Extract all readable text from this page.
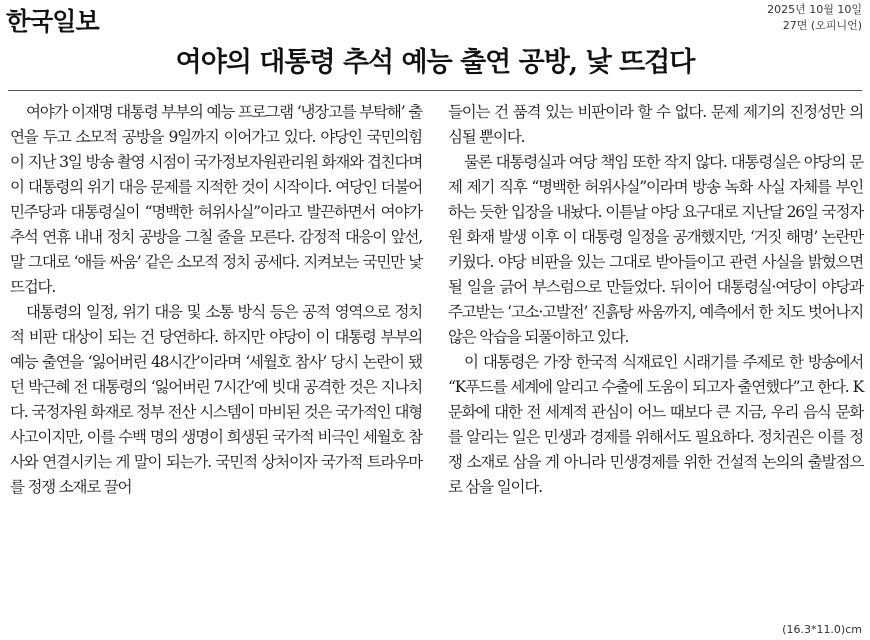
한국일보	2025년 10월 10일
27면 (오피니언)
여야의 대통령 추석 예능 출연 공방, 낯 뜨겁다

여야가 이재명 대통령 부부의 예능 프로그램 ‘냉장고를 부탁해’ 출연을 두고 소모적 공방을 9일까지 이어가고 있다. 야당인 국민의힘이 지난 3일 방송 촬영 시점이 국가정보자원관리원 화재와 겹친다며 이 대통령의 위기 대응 문제를 지적한 것이 시작이다. 여당인 더불어민주당과 대통령실이 “명백한 허위사실”이라고 발끈하면서 여야가 추석 연휴 내내 정치 공방을 그칠 줄을 모른다. 감정적 대응이 앞선, 말 그대로 ‘애들 싸움’ 같은 소모적 정치 공세다. 지켜보는 국민만 낯 뜨겁다.

대통령의 일정, 위기 대응 및 소통 방식 등은 공적 영역으로 정치적 비판 대상이 되는 건 당연하다. 하지만 야당이 이 대통령 부부의 예능 출연을 ‘잃어버린 48시간’이라며 ‘세월호 참사’ 당시 논란이 됐던 박근혜 전 대통령의 ‘잃어버린 7시간’에 빗대 공격한 것은 지나치다. 국정자원 화재로 정부 전산 시스템이 마비된 것은 국가적인 대형 사고이지만, 이를 수백 명의 생명이 희생된 국가적 비극인 세월호 참사와 연결시키는 게 말이 되는가. 국민적 상처이자 국가적 트라우마를 정쟁 소재로 끌어

들이는 건 품격 있는 비판이라 할 수 없다. 문제 제기의 진정성만 의심될 뿐이다.

물론 대통령실과 여당 책임 또한 작지 않다. 대통령실은 야당의 문제 제기 직후 “명백한 허위사실”이라며 방송 녹화 사실 자체를 부인하는 듯한 입장을 내놨다. 이튿날 야당 요구대로 지난달 26일 국정자원 화재 발생 이후 이 대통령 일정을 공개했지만, ‘거짓 해명’ 논란만 키웠다. 야당 비판을 있는 그대로 받아들이고 관련 사실을 밝혔으면 될 일을 긁어 부스럼으로 만들었다. 뒤이어 대통령실·여당이 야당과 주고받는 ‘고소·고발전’ 진흙탕 싸움까지, 예측에서 한 치도 벗어나지 않은 악습을 되풀이하고 있다.

이 대통령은 가장 한국적 식재료인 시래기를 주제로 한 방송에서 “K푸드를 세계에 알리고 수출에 도움이 되고자 출연했다”고 한다. K문화에 대한 전 세계적 관심이 어느 때보다 큰 지금, 우리 음식 문화를 알리는 일은 민생과 경제를 위해서도 필요하다. 정치권은 이를 정쟁 소재로 삼을 게 아니라 민생경제를 위한 건설적 논의의 출발점으로 삼을 일이다.

(16.3*11.0)cm
